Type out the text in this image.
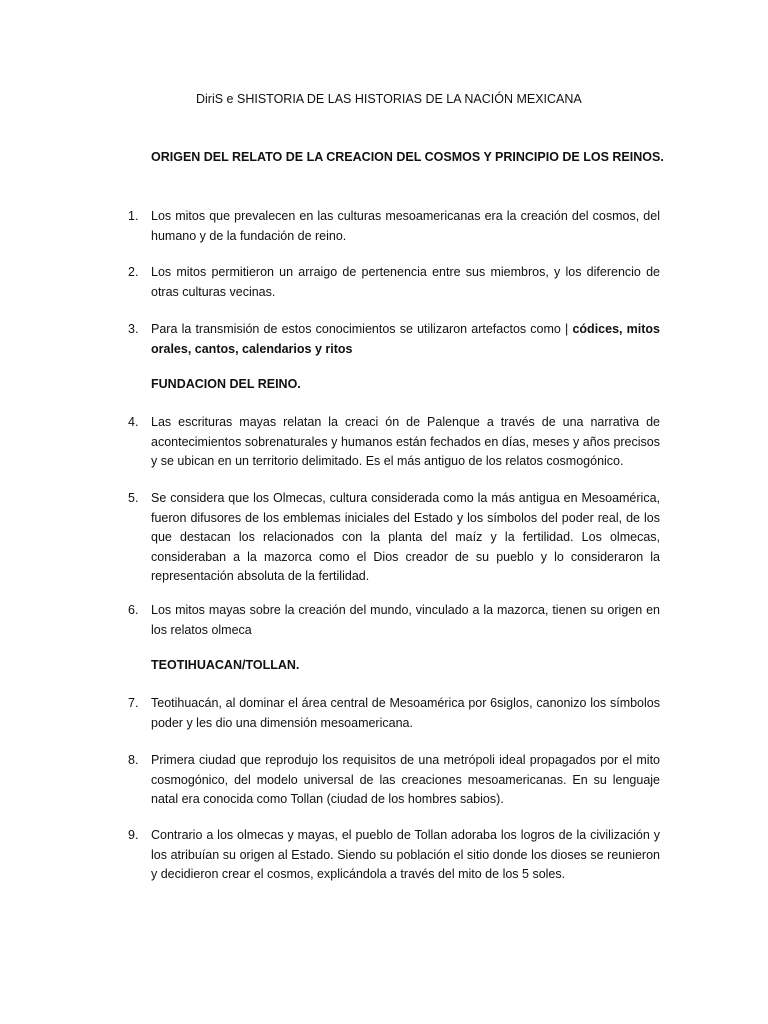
DiriS e SHISTORIA DE LAS HISTORIAS DE LA NACIÓN MEXICANA
ORIGEN DEL RELATO DE LA CREACION DEL COSMOS Y PRINCIPIO DE LOS REINOS.
1.	Los mitos que prevalecen en las culturas mesoamericanas era la creación del cosmos, del humano y de la fundación de reino.
2.	Los mitos permitieron un arraigo de pertenencia entre sus miembros, y los diferencio de otras culturas vecinas.
3.	Para la transmisión de estos conocimientos se utilizaron artefactos como | códices, mitos orales, cantos, calendarios y ritos
FUNDACION DEL REINO.
4.	Las escrituras mayas relatan la creaci ón de Palenque a través de una narrativa de acontecimientos sobrenaturales y humanos están fechados en días, meses y años precisos y se ubican en un territorio delimitado. Es el más antiguo de los relatos cosmogónico.
5.	Se considera que los Olmecas, cultura considerada como la más antigua en Mesoamérica, fueron difusores de los emblemas iniciales del Estado y los símbolos del poder real, de los que destacan los relacionados con la planta del maíz y la fertilidad. Los olmecas, consideraban a la mazorca como el Dios creador de su pueblo y lo consideraron la representación absoluta de la fertilidad.
6.	Los mitos mayas sobre la creación del mundo, vinculado a la mazorca, tienen su origen en los relatos olmeca
TEOTIHUACAN/TOLLAN.
7.	Teotihuacán, al dominar el área central de Mesoamérica por 6siglos, canonizo los símbolos poder y les dio una dimensión mesoamericana.
8.	Primera ciudad que reprodujo los requisitos de una metrópoli ideal propagados por el mito cosmogónico, del modelo universal de las creaciones mesoamericanas. En su lenguaje natal era conocida como Tollan (ciudad de los hombres sabios).
9.	Contrario a los olmecas y mayas, el pueblo de Tollan adoraba los logros de la civilización y los atribuían su origen al Estado. Siendo su población el sitio donde los dioses se reunieron y decidieron crear el cosmos, explicándola a través del mito de los 5 soles.
